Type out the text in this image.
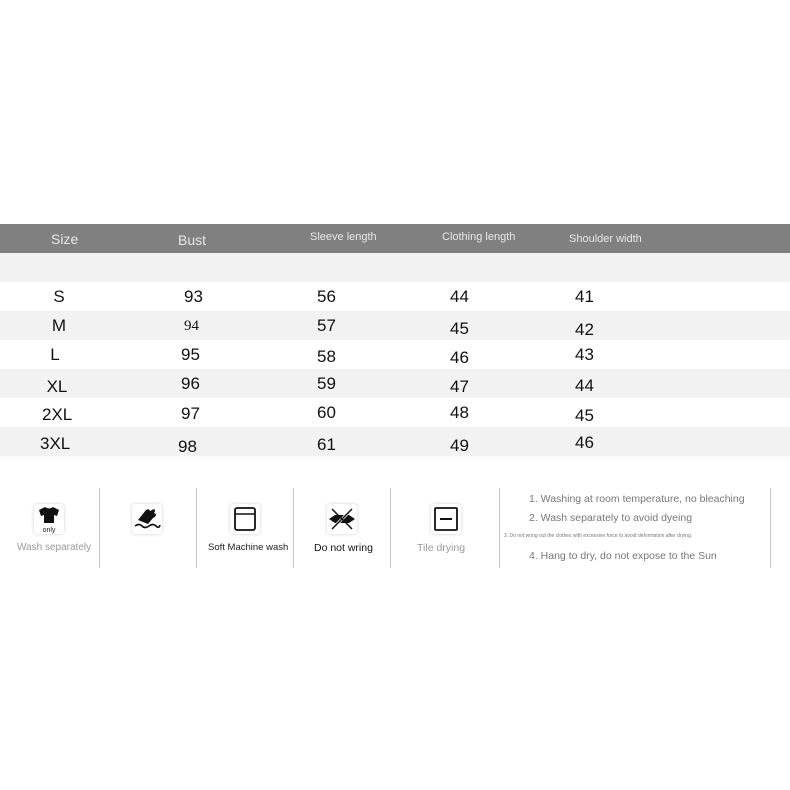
Size	Bust	Sleeve length	Clothing length	Shoulder width
S	93	56	44	41
M	94	57	45	42
L	95	58	46	43
XL	96	59	47	44
2XL	97	60	48	45
3XL	98	61	49	46
only
Wash separately	Soft Machine wash Do not wring	Tile drying
1. Washing at room temperature, no bleaching
2. Wash separately to avoid dyeing
3. Do not wring out the clothes with excessive force to avoid deformation after drying.
4. Hang to dry, do not expose to the Sun
